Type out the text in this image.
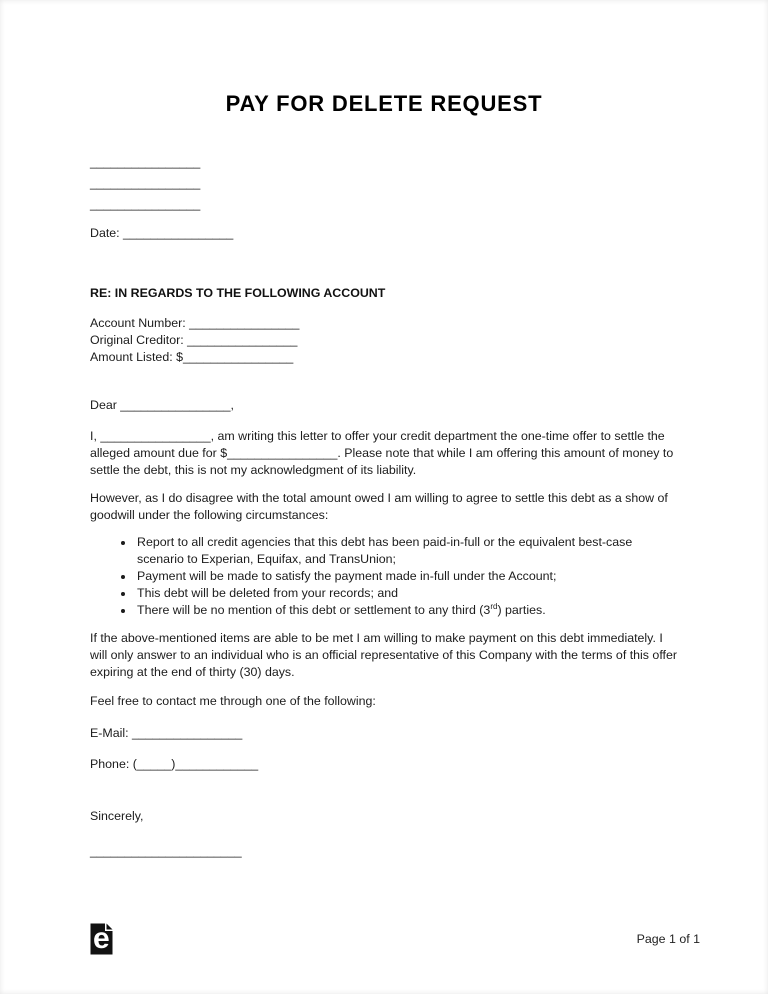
PAY FOR DELETE REQUEST
________________
________________
________________
Date: ________________
RE: IN REGARDS TO THE FOLLOWING ACCOUNT
Account Number: ________________
Original Creditor: ________________
Amount Listed: $________________
Dear ________________,

I, ________________, am writing this letter to offer your credit department the one-time offer to settle the alleged amount due for $________________. Please note that while I am offering this amount of money to settle the debt, this is not my acknowledgment of its liability.

However, as I do disagree with the total amount owed I am willing to agree to settle this debt as a show of goodwill under the following circumstances:

• Report to all credit agencies that this debt has been paid-in-full or the equivalent best-case scenario to Experian, Equifax, and TransUnion;
• Payment will be made to satisfy the payment made in-full under the Account;
• This debt will be deleted from your records; and
• There will be no mention of this debt or settlement to any third (3rd) parties.

If the above-mentioned items are able to be met I am willing to make payment on this debt immediately. I will only answer to an individual who is an official representative of this Company with the terms of this offer expiring at the end of thirty (30) days.

Feel free to contact me through one of the following:

E-Mail: ________________
Phone: (_____)____________
Sincerely,
______________________
e	Page 1 of 1
